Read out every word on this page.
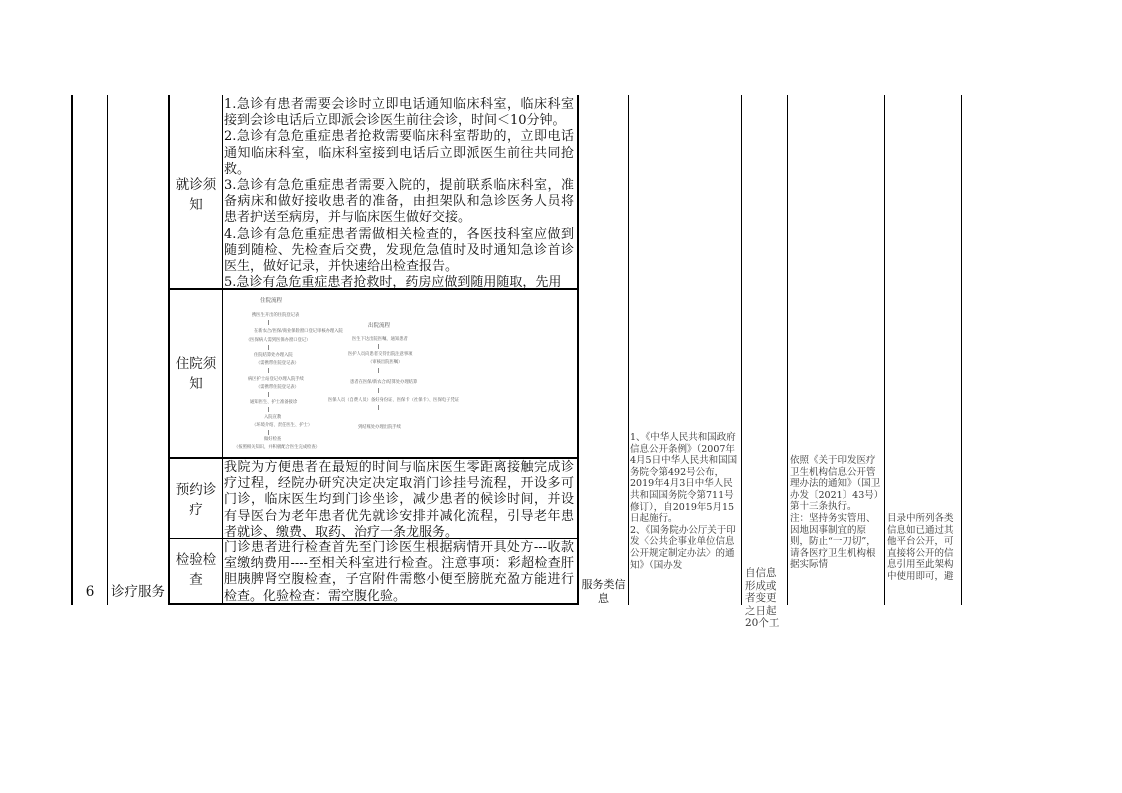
6	诊疗服务
就诊须知
住院须知
预约诊疗
检验检查
1.急诊有患者需要会诊时立即电话通知临床科室，临床科室接到会诊电话后立即派会诊医生前往会诊，时间＜10分钟。
2.急诊有急危重症患者抢救需要临床科室帮助的，立即电话通知临床科室，临床科室接到电话后立即派医生前往共同抢救。
3.急诊有急危重症患者需要入院的，提前联系临床科室，准备病床和做好接收患者的准备，由担架队和急诊医务人员将患者护送至病房，并与临床医生做好交接。
4.急诊有急危重症患者需做相关检查的，各医技科室应做到随到随检、先检查后交费，发现危急值时及时通知急诊首诊医生，做好记录，并快速给出检查报告。
5.急诊有急危重症患者抢救时，药房应做到随用随取，先用
住院流程
携医生开出的住院登记表
在新农合/医保/商业保险窗口登记审核办理入院
（医保病人需到医保办窗口登记）
住院结算处办理入院
（需携带住院登记表）
病区护士站登记办理入院手续
（需携带住院登记表）
通知医生、护士准备接诊
入院宣教
（环境介绍、责任医生、护士）
做好检查
（按照相关知识，并积极配合医生完成检查）
出院流程
医生下达出院医嘱，通知患者
医护人员向患者交待出院注意事项
（审核出院医嘱）
患者在医保/新农合/结算处办理结算
医保人员（自费人员）备好身份证、医保卡（社保卡）、医保电子凭证
到结账处办理出院手续
我院为方便患者在最短的时间与临床医生零距离接触完成诊疗过程，经院办研究决定决定取消门诊挂号流程，开设多可门诊，临床医生均到门诊坐诊，减少患者的候诊时间，并设有导医台为老年患者优先就诊安排并减化流程，引导老年患者就诊、缴费、取药、治疗一条龙服务。
门诊患者进行检查首先至门诊医生根据病情开具处方---收款室缴纳费用----至相关科室进行检查。注意事项：彩超检查肝胆胰脾肾空腹检查，子宫附件需憋小便至膀胱充盈方能进行检查。化验检查：需空腹化验。
服务类信息
1、《中华人民共和国政府信息公开条例》（2007年4月5日中华人民共和国国务院令第492号公布，2019年4月3日中华人民共和国国务院令第711号修订），自2019年5月15日起施行。
2、《国务院办公厅关于印发〈公共企事业单位信息公开规定制定办法〉的通知》（国办发
自信息形成或者变更之日起20个工
依照《关于印发医疗卫生机构信息公开管理办法的通知》（国卫办发〔2021〕43号）第十三条执行。
注：坚持务实管用、因地因事制宜的原则，防止“一刀切”，请各医疗卫生机构根据实际情
目录中所列各类信息如已通过其他平台公开，可直接将公开的信息引用至此架构中使用即可，避
